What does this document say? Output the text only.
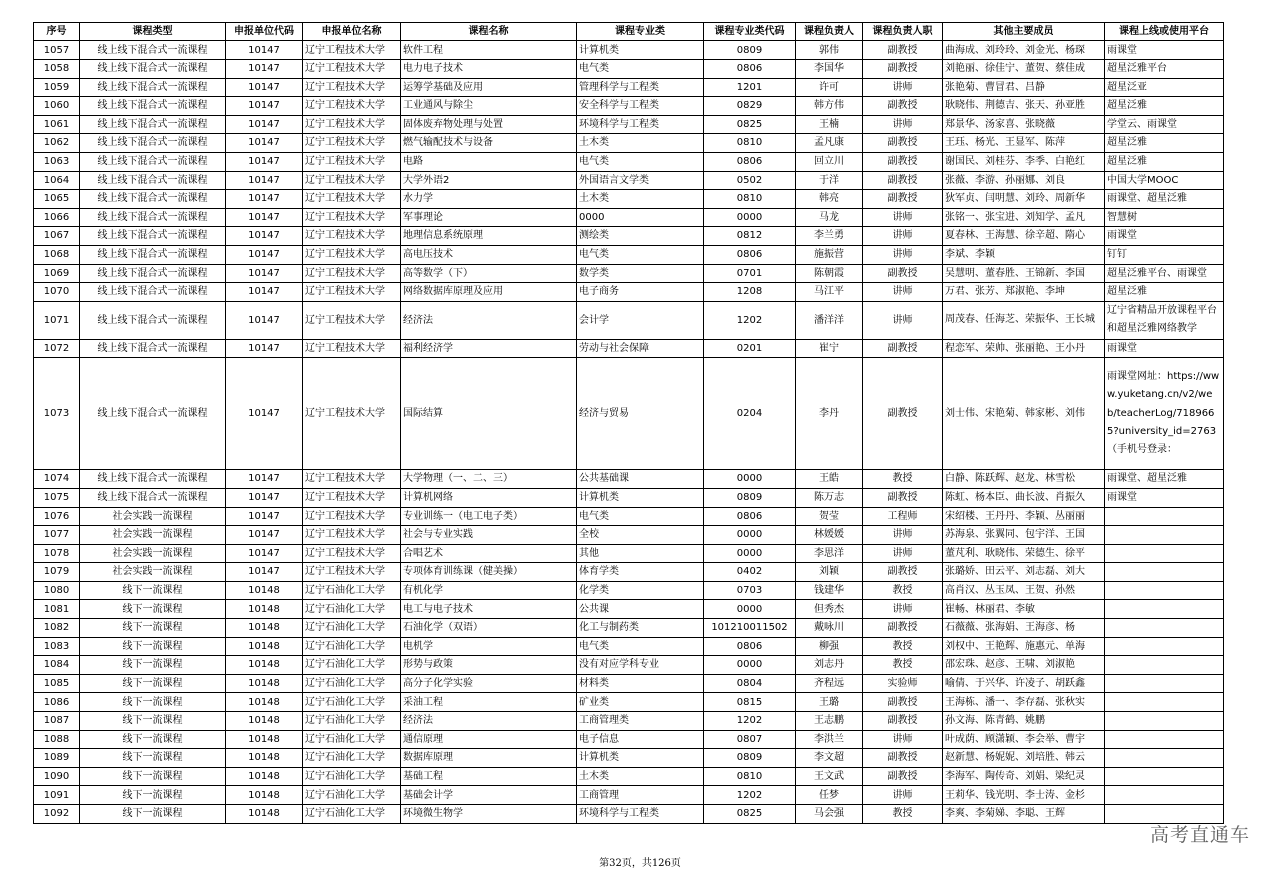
序号	课程类型	申报单位代码	申报单位名称	课程名称	课程专业类	课程专业类代码	课程负责人	课程负责人职	其他主要成员	课程上线或使用平台
1057	线上线下混合式一流课程	10147	辽宁工程技术大学	软件工程	计算机类	0809	郭伟	副教授	曲海成、刘玲玲、刘金光、杨琛	雨课堂
1058	线上线下混合式一流课程	10147	辽宁工程技术大学	电力电子技术	电气类	0806	李国华	副教授	刘艳丽、徐佳宁、董贺、蔡佳成	超星泛雅平台
1059	线上线下混合式一流课程	10147	辽宁工程技术大学	运筹学基础及应用	管理科学与工程类	1201	许可	讲师	张艳菊、曹冒君、吕静	超星泛亚
1060	线上线下混合式一流课程	10147	辽宁工程技术大学	工业通风与除尘	安全科学与工程类	0829	韩方伟	副教授	耿晓伟、荆德吉、张天、孙亚胜	超星泛雅
1061	线上线下混合式一流课程	10147	辽宁工程技术大学	固体废弃物处理与处置	环境科学与工程类	0825	王楠	讲师	郑景华、汤家喜、张晓薇	学堂云、雨课堂
1062	线上线下混合式一流课程	10147	辽宁工程技术大学	燃气输配技术与设备	土木类	0810	孟凡康	副教授	王珏、杨光、王显军、陈萍	超星泛雅
1063	线上线下混合式一流课程	10147	辽宁工程技术大学	电路	电气类	0806	回立川	副教授	谢国民、刘桂芬、李季、白艳红	超星泛雅
1064	线上线下混合式一流课程	10147	辽宁工程技术大学	大学外语2	外国语言文学类	0502	于洋	副教授	张薇、李游、孙丽娜、刘良	中国大学MOOC
1065	线上线下混合式一流课程	10147	辽宁工程技术大学	水力学	土木类	0810	韩亮	副教授	狄军贞、闫明慧、刘玲、周新华	雨课堂、超星泛雅
1066	线上线下混合式一流课程	10147	辽宁工程技术大学	军事理论	0000	0000	马龙	讲师	张铭一、张宝进、刘知学、孟凡	智慧树
1067	线上线下混合式一流课程	10147	辽宁工程技术大学	地理信息系统原理	测绘类	0812	李兰勇	讲师	夏春林、王海慧、徐辛超、隋心	雨课堂
1068	线上线下混合式一流课程	10147	辽宁工程技术大学	高电压技术	电气类	0806	施振营	讲师	李斌、李颖	钉钉
1069	线上线下混合式一流课程	10147	辽宁工程技术大学	高等数学（下）	数学类	0701	陈朝霞	副教授	吴慧明、董春胜、王锦新、李国	超星泛雅平台、雨课堂
1070	线上线下混合式一流课程	10147	辽宁工程技术大学	网络数据库原理及应用	电子商务	1208	马江平	讲师	万君、张芳、郑淑艳、李坤	超星泛雅
1071	线上线下混合式一流课程	10147	辽宁工程技术大学	经济法	会计学	1202	潘洋洋	讲师	周茂春、任海芝、荣振华、王长城	辽宁省精品开放课程平台和超星泛雅网络教学
1072	线上线下混合式一流课程	10147	辽宁工程技术大学	福利经济学	劳动与社会保障	0201	崔宁	副教授	程恋军、荣帅、张丽艳、王小丹	雨课堂
1073	线上线下混合式一流课程	10147	辽宁工程技术大学	国际结算	经济与贸易	0204	李丹	副教授	刘士伟、宋艳菊、韩家彬、刘伟	雨课堂网址：https://www.yuketang.cn/v2/web/teacherLog/7189665?university_id=2763 （手机号登录：
1074	线上线下混合式一流课程	10147	辽宁工程技术大学	大学物理（一、二、三）	公共基础课	0000	王皓	教授	白静、陈跃辉、赵龙、林雪松	雨课堂、超星泛雅
1075	线上线下混合式一流课程	10147	辽宁工程技术大学	计算机网络	计算机类	0809	陈万志	副教授	陈虹、杨本臣、曲长波、肖振久	雨课堂
1076	社会实践一流课程	10147	辽宁工程技术大学	专业训练一（电工电子类）	电气类	0806	贺莹	工程师	宋绍楼、王丹丹、李颖、丛丽丽	
1077	社会实践一流课程	10147	辽宁工程技术大学	社会与专业实践	全校	0000	林媛媛	讲师	苏海泉、张翼同、包宇洋、王国	
1078	社会实践一流课程	10147	辽宁工程技术大学	合唱艺术	其他	0000	李思洋	讲师	董芃利、耿晓伟、荣德生、徐平	
1079	社会实践一流课程	10147	辽宁工程技术大学	专项体育训练课（健美操）	体育学类	0402	刘颖	副教授	张璐娇、田云平、刘志磊、刘大	
1080	线下一流课程	10148	辽宁石油化工大学	有机化学	化学类	0703	钱建华	教授	高肖汉、丛玉凤、王贺、孙然	
1081	线下一流课程	10148	辽宁石油化工大学	电工与电子技术	公共课	0000	但秀杰	讲师	崔畅、林丽君、李敏	
1082	线下一流课程	10148	辽宁石油化工大学	石油化学（双语）	化工与制药类	101210011502	戴咏川	副教授	石薇薇、张海娟、王海彦、杨	
1083	线下一流课程	10148	辽宁石油化工大学	电机学	电气类	0806	柳强	教授	刘权中、王艳辉、施惠元、单海	
1084	线下一流课程	10148	辽宁石油化工大学	形势与政策	没有对应学科专业	0000	刘志丹	教授	邵宏珠、赵彦、王啸、刘淑艳	
1085	线下一流课程	10148	辽宁石油化工大学	高分子化学实验	材料类	0804	齐程远	实验师	喻倩、于兴华、许凌子、胡跃鑫	
1086	线下一流课程	10148	辽宁石油化工大学	采油工程	矿业类	0815	王璐	副教授	王海栋、潘一、李存磊、张秋实	
1087	线下一流课程	10148	辽宁石油化工大学	经济法	工商管理类	1202	王志鹏	副教授	孙文海、陈青鹤、姚鹏	
1088	线下一流课程	10148	辽宁石油化工大学	通信原理	电子信息	0807	李洪兰	讲师	叶成荫、顾潇颖、李会举、曹宇	
1089	线下一流课程	10148	辽宁石油化工大学	数据库原理	计算机类	0809	李文超	副教授	赵新慧、杨妮妮、刘培胜、韩云	
1090	线下一流课程	10148	辽宁石油化工大学	基础工程	土木类	0810	王文武	副教授	李海军、陶传奇、刘娟、梁纪灵	
1091	线下一流课程	10148	辽宁石油化工大学	基础会计学	工商管理	1202	任梦	讲师	王莉华、钱光明、李士涛、金杉	
1092	线下一流课程	10148	辽宁石油化工大学	环境微生物学	环境科学与工程类	0825	马会强	教授	李爽、李菊娣、李聪、王辉	
高考直通车
第32页，共126页
